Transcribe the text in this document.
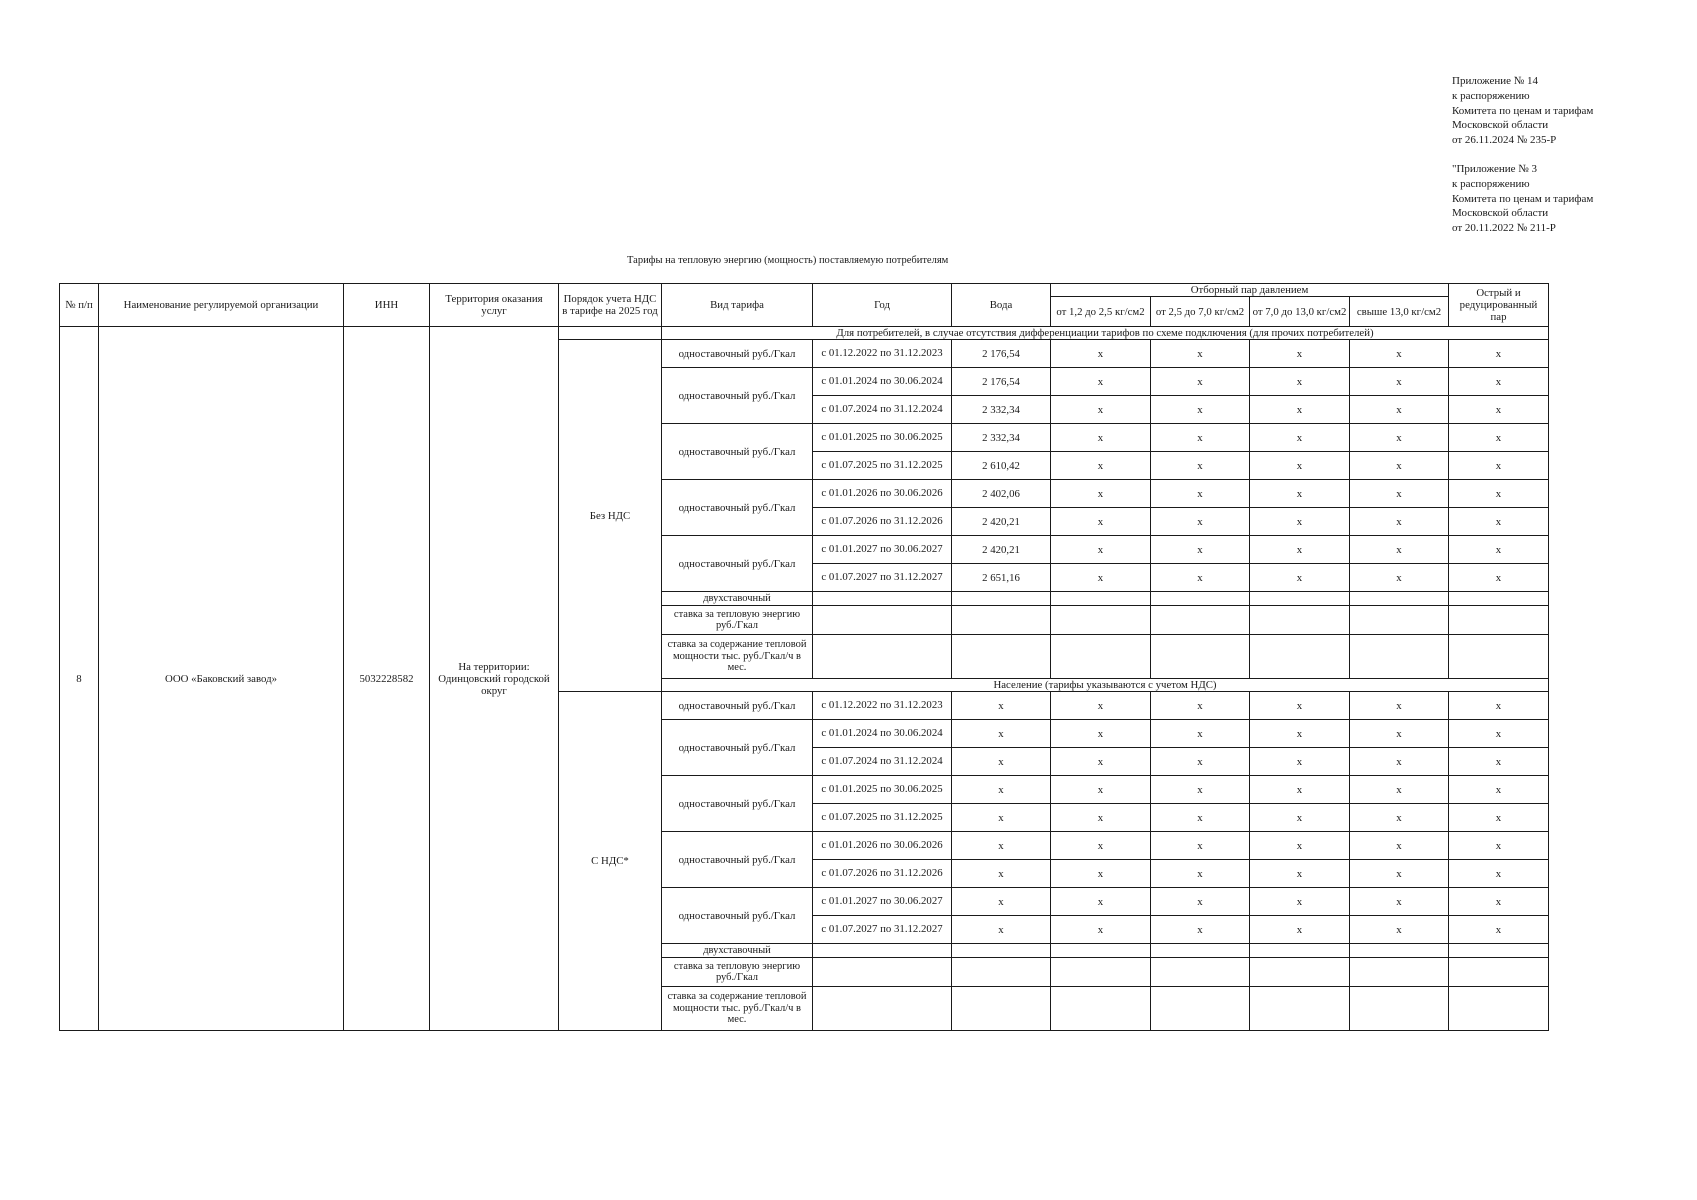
Приложение № 14
к распоряжению
Комитета по ценам и тарифам
Московской области
от 26.11.2024 № 235-Р
"Приложение № 3
к распоряжению
Комитета по ценам и тарифам
Московской области
от 20.11.2022 № 211-Р
Тарифы на тепловую энергию (мощность) поставляемую потребителям
№ п/п	Наименование регулируемой организации	ИНН	Территория оказания услуг	Порядок учета НДС в тарифе на 2025 год	Вид тарифа	Год	Вода	Отборный пар давлением				Острый и редуцированный пар
								от 1,2 до 2,5 кг/см2	от 2,5 до 7,0 кг/см2	от 7,0 до 13,0 кг/см2	свыше 13,0 кг/см2	
8	ООО «Баковский завод»	5032228582	На территории: Одинцовский городской округ		Для потребителей, в случае отсутствия дифференциации тарифов по схеме подключения (для прочих потребителей)							
				Без НДС	одноставочный руб./Гкал	с 01.12.2022 по 31.12.2023	2 176,54	x	x	x	x	x
					одноставочный руб./Гкал	с 01.01.2024 по 30.06.2024	2 176,54	x	x	x	x	x
						с 01.07.2024 по 31.12.2024	2 332,34	x	x	x	x	x
					одноставочный руб./Гкал	с 01.01.2025 по 30.06.2025	2 332,34	x	x	x	x	x
						с 01.07.2025 по 31.12.2025	2 610,42	x	x	x	x	x
					одноставочный руб./Гкал	с 01.01.2026 по 30.06.2026	2 402,06	x	x	x	x	x
						с 01.07.2026 по 31.12.2026	2 420,21	x	x	x	x	x
					одноставочный руб./Гкал	с 01.01.2027 по 30.06.2027	2 420,21	x	x	x	x	x
						с 01.07.2027 по 31.12.2027	2 651,16	x	x	x	x	x
					двухставочный							
					ставка за тепловую энергию руб./Гкал							
					ставка за содержание тепловой мощности тыс. руб./Гкал/ч в мес.							
					Население (тарифы указываются с учетом НДС)							
				С НДС*	одноставочный руб./Гкал	с 01.12.2022 по 31.12.2023	x	x	x	x	x	x
					одноставочный руб./Гкал	с 01.01.2024 по 30.06.2024	x	x	x	x	x	x
						с 01.07.2024 по 31.12.2024	x	x	x	x	x	x
					одноставочный руб./Гкал	с 01.01.2025 по 30.06.2025	x	x	x	x	x	x
						с 01.07.2025 по 31.12.2025	x	x	x	x	x	x
					одноставочный руб./Гкал	с 01.01.2026 по 30.06.2026	x	x	x	x	x	x
						с 01.07.2026 по 31.12.2026	x	x	x	x	x	x
					одноставочный руб./Гкал	с 01.01.2027 по 30.06.2027	x	x	x	x	x	x
						с 01.07.2027 по 31.12.2027	x	x	x	x	x	x
					двухставочный							
					ставка за тепловую энергию руб./Гкал							
					ставка за содержание тепловой мощности тыс. руб./Гкал/ч в мес.							
